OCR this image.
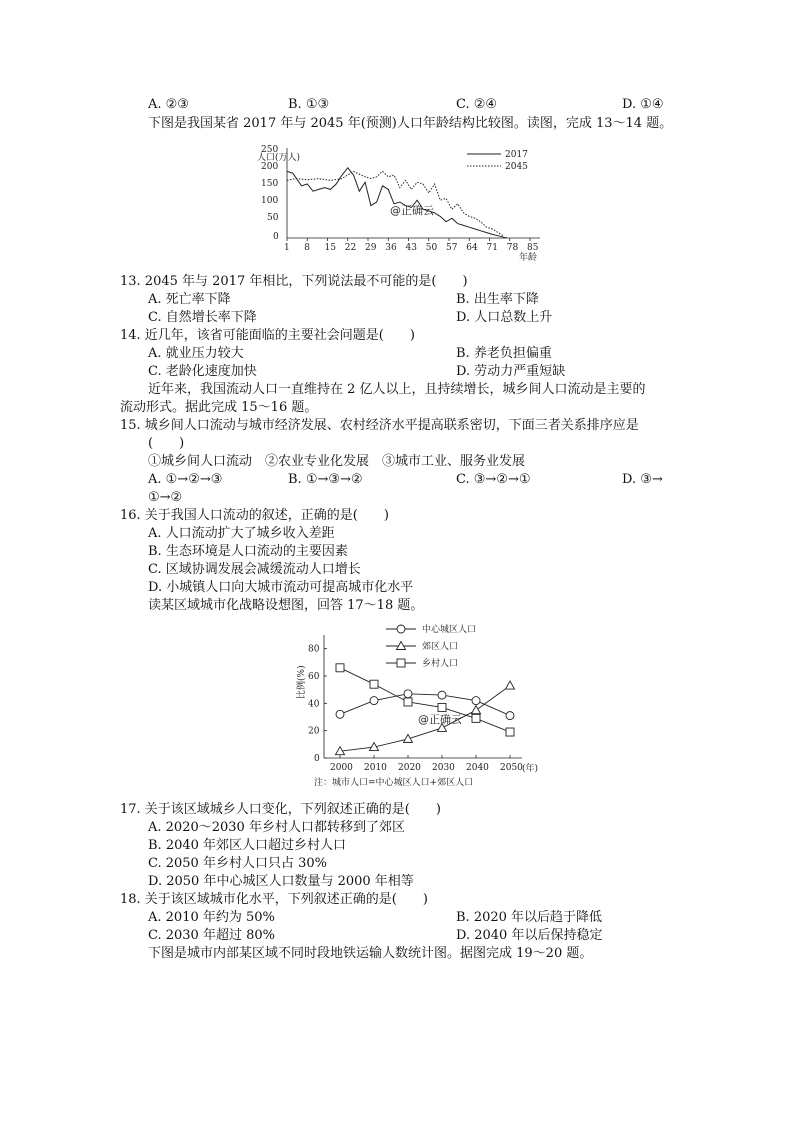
A. ②③	B. ①③	C. ②④	D. ①④
下图是我国某省 2017 年与 2045 年(预测)人口年龄结构比较图。读图，完成 13～14 题。
250
200
150
100
50
0
人口(万人)
1 8 15 22 29 36 43 50 57 64 71 78 85
年龄
2017
2045
@正确云
13. 2045 年与 2017 年相比，下列说法最不可能的是(　　)
A. 死亡率下降	B. 出生率下降
C. 自然增长率下降	D. 人口总数上升
14. 近几年，该省可能面临的主要社会问题是(　　)
A. 就业压力较大	B. 养老负担偏重
C. 老龄化速度加快	D. 劳动力严重短缺
近年来，我国流动人口一直维持在 2 亿人以上，且持续增长，城乡间人口流动是主要的
流动形式。据此完成 15～16 题。
15. 城乡间人口流动与城市经济发展、农村经济水平提高联系密切，下面三者关系排序应是
(　　)
①城乡间人口流动　②农业专业化发展　③城市工业、服务业发展
A. ①→②→③	B. ①→③→②	C. ③→②→①	D. ③→
①→②
16. 关于我国人口流动的叙述，正确的是(　　)
A. 人口流动扩大了城乡收入差距
B. 生态环境是人口流动的主要因素
C. 区域协调发展会减缓流动人口增长
D. 小城镇人口向大城市流动可提高城市化水平
读某区域城市化战略设想图，回答 17～18 题。
比例(%)
0
20
40
60
80
2000 2010 2020 2030 2040 2050 (年)
注：城市人口=中心城区人口+郊区人口
中心城区人口
郊区人口
乡村人口
@正确云
17. 关于该区域城乡人口变化，下列叙述正确的是(　　)
A. 2020～2030 年乡村人口都转移到了郊区
B. 2040 年郊区人口超过乡村人口
C. 2050 年乡村人口只占 30%
D. 2050 年中心城区人口数量与 2000 年相等
18. 关于该区域城市化水平，下列叙述正确的是(　　)
A. 2010 年约为 50%	B. 2020 年以后趋于降低
C. 2030 年超过 80%	D. 2040 年以后保持稳定
下图是城市内部某区域不同时段地铁运输人数统计图。据图完成 19～20 题。
